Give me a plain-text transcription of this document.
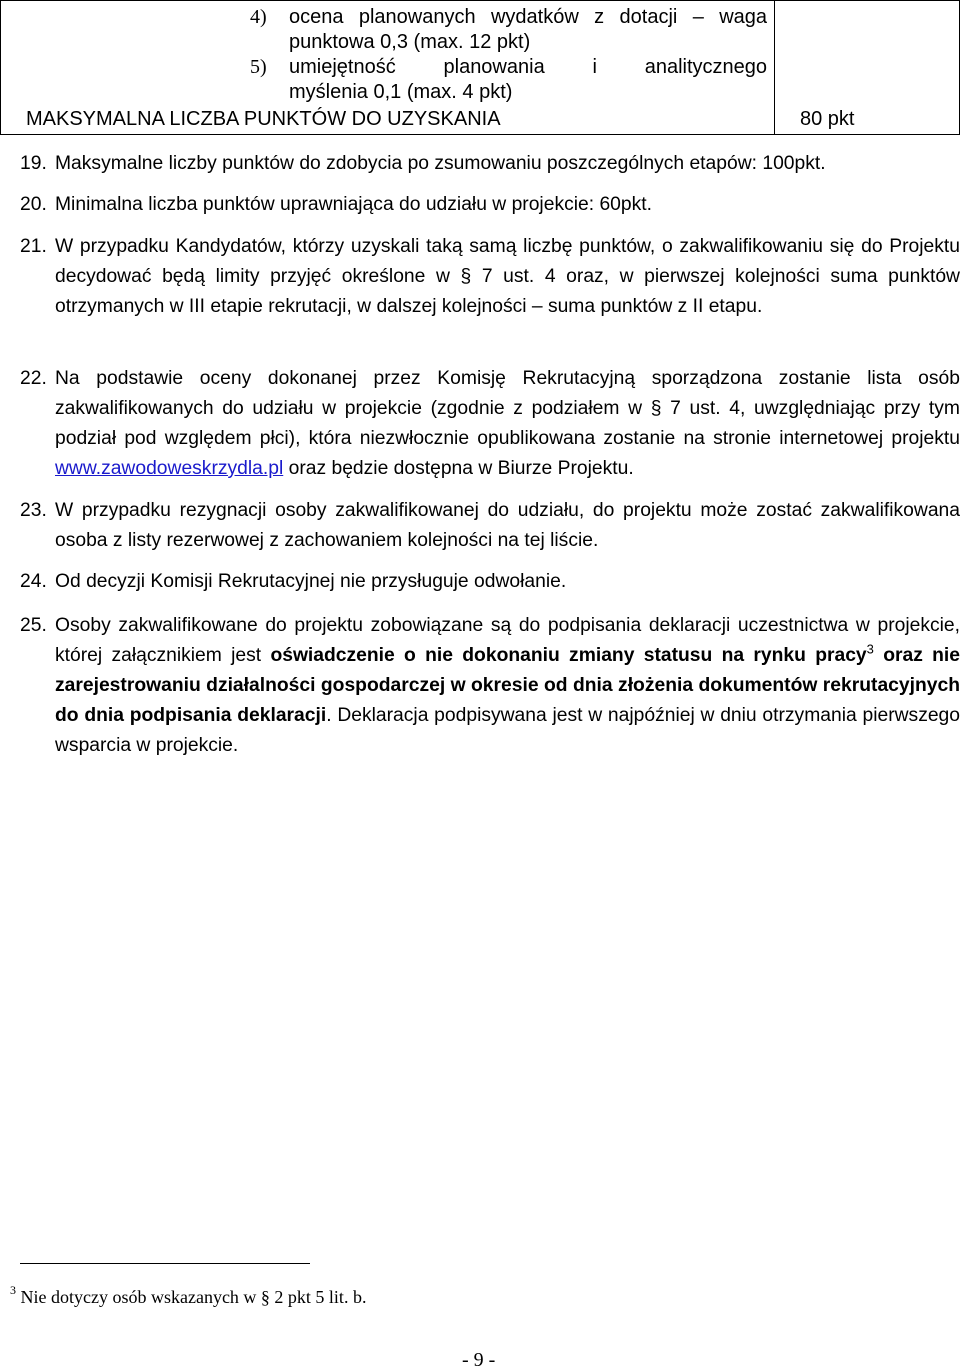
4) ocena planowanych wydatków z dotacji – waga
punktowa 0,3 (max. 12 pkt)
5) umiejętność planowania i analitycznego
myślenia 0,1 (max. 4 pkt)
MAKSYMALNA LICZBA PUNKTÓW DO UZYSKANIA	80 pkt
19. Maksymalne liczby punktów do zdobycia po zsumowaniu poszczególnych etapów: 100pkt.
20. Minimalna liczba punktów uprawniająca do udziału w projekcie: 60pkt.
21. W przypadku Kandydatów, którzy uzyskali taką samą liczbę punktów, o zakwalifikowaniu się do Projektu decydować będą limity przyjęć określone w § 7 ust. 4 oraz, w pierwszej kolejności suma punktów otrzymanych w III etapie rekrutacji, w dalszej kolejności – suma punktów z II etapu.
22. Na podstawie oceny dokonanej przez Komisję Rekrutacyjną sporządzona zostanie lista osób zakwalifikowanych do udziału w projekcie (zgodnie z podziałem w § 7 ust. 4, uwzględniając przy tym podział pod względem płci), która niezwłocznie opublikowana zostanie na stronie internetowej projektu www.zawodoweskrzydla.pl oraz będzie dostępna w Biurze Projektu.
23. W przypadku rezygnacji osoby zakwalifikowanej do udziału, do projektu może zostać zakwalifikowana osoba z listy rezerwowej z zachowaniem kolejności na tej liście.
24. Od decyzji Komisji Rekrutacyjnej nie przysługuje odwołanie.
25. Osoby zakwalifikowane do projektu zobowiązane są do podpisania deklaracji uczestnictwa w projekcie, której załącznikiem jest oświadczenie o nie dokonaniu zmiany statusu na rynku pracy$^3$ oraz nie zarejestrowaniu działalności gospodarczej w okresie od dnia złożenia dokumentów rekrutacyjnych do dnia podpisania deklaracji. Deklaracja podpisywana jest w najpóźniej w dniu otrzymania pierwszego wsparcia w projekcie.
$^3$ Nie dotyczy osób wskazanych w § 2 pkt 5 lit. b.
- 9 -
